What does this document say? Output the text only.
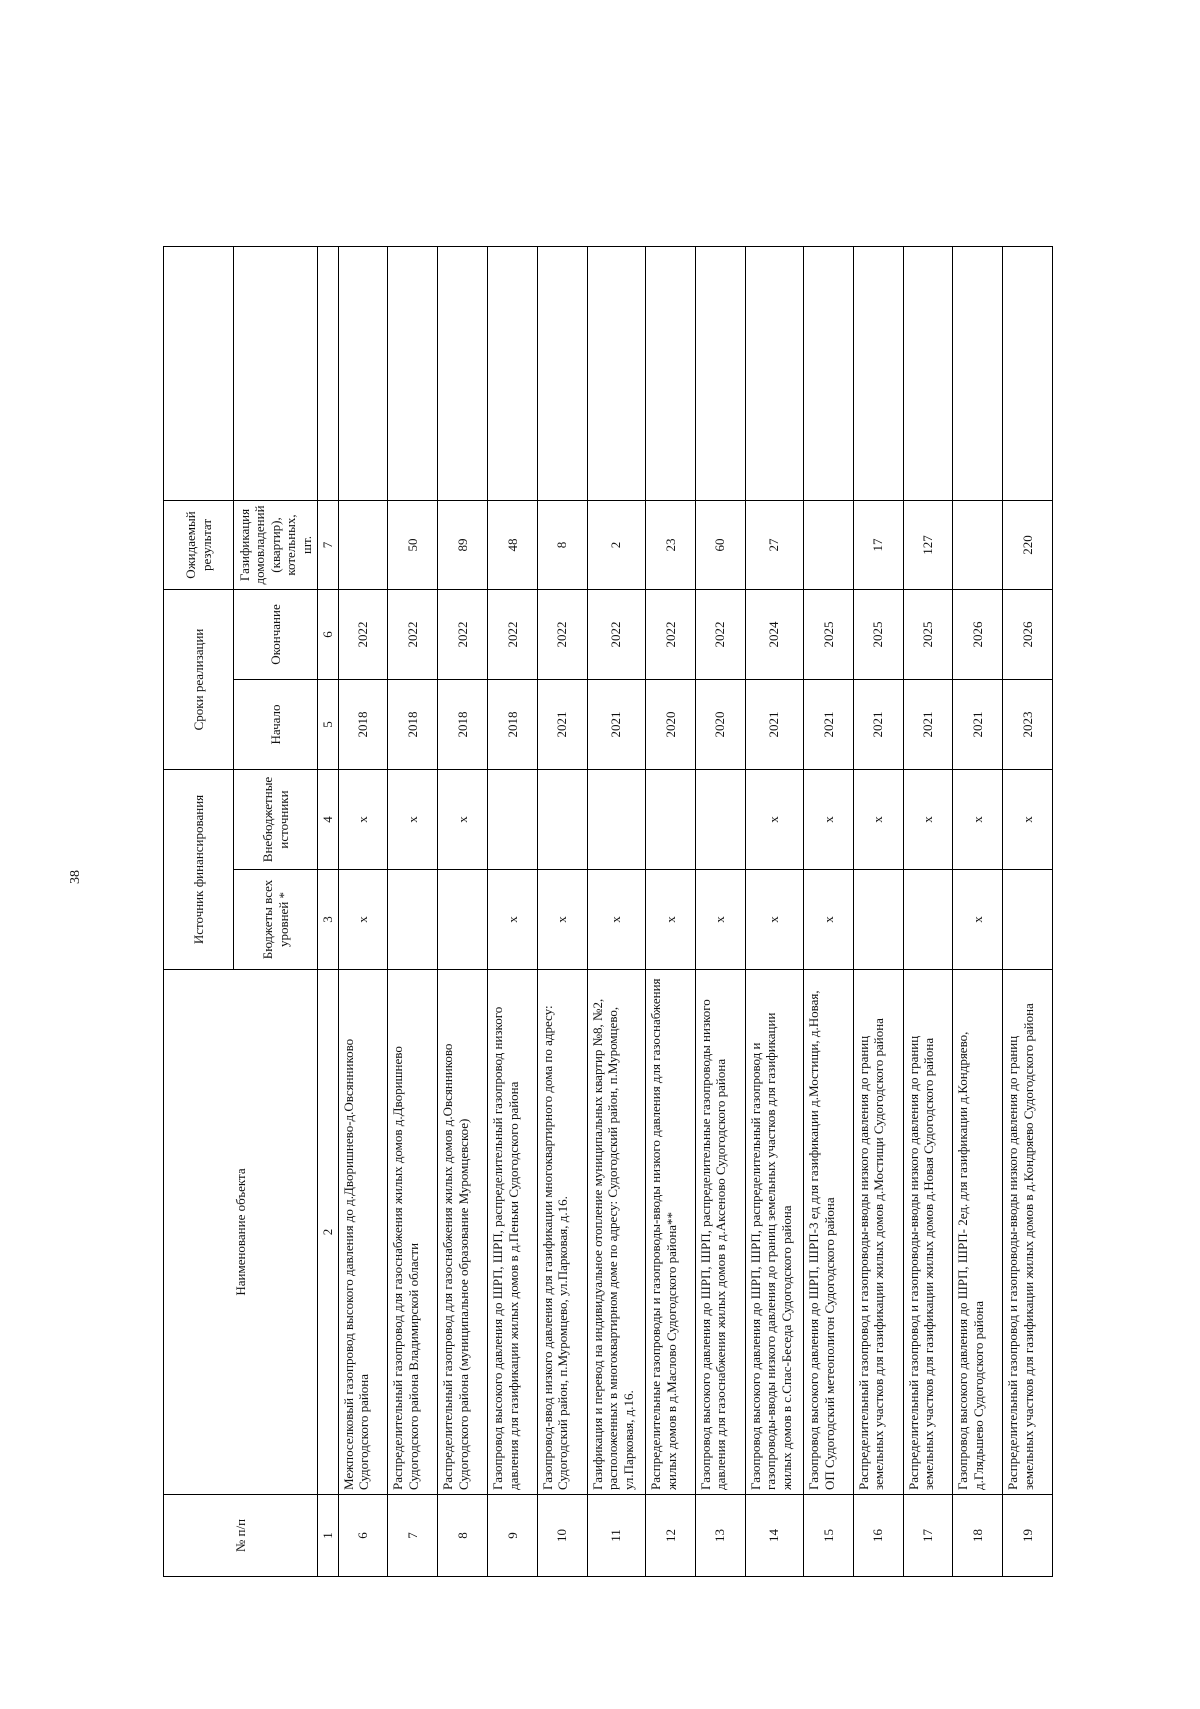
38
№ п/п	Наименование объекта	Источник финансирования		Сроки реализации		Ожидаемый результат	
		Бюджеты всех уровней *	Внебюджетные источники	Начало	Окончание	Газификация домовладений (квартир), котельных, шт.	
1	2	3	4	5	6	7	
6	Межпоселковый газопровод высокого давления до д.Дворишнево-д.Овсянниково Судогодского района	x	x	2018	2022		
7	Распределительный газопровод для газоснабжения жилых домов д.Дворишнево Судогодского района Владимирской области		x	2018	2022	50	
8	Распределительный газопровод для газоснабжения жилых домов д.Овсянниково Судогодского района (муниципальное образование Муромцевское)		x	2018	2022	89	
9	Газопровод высокого давления до ШРП, ШРП, распределительный газопровод низкого давления для газификации жилых домов в д.Пеньки Судогодского района	x		2018	2022	48	
10	Газопровод-ввод низкого давления для газификации многоквартирного дома по адресу: Судогодский район, п.Муромцево, ул.Парковая, д.16.	x		2021	2022	8	
11	Газификация и перевод на индивидуальное отопление муниципальных квартир №8, №2, расположенных в многоквартирном доме по адресу: Судогодский район, п.Муромцево, ул.Парковая, д.16.	x		2021	2022	2	
12	Распределительные газопроводы и газопроводы-вводы низкого давления для газоснабжения жилых домов в д.Маслово Судогодского района**	x		2020	2022	23	
13	Газопровод высокого давления до ШРП, ШРП, распределительные газопроводы низкого давления для газоснабжения жилых домов в д.Аксеново Судогодского района	x		2020	2022	60	
14	Газопровод высокого давления до ШРП, ШРП, распределительный газопровод и газопроводы-вводы низкого давления до границ земельных участков для газификации жилых домов в с.Спас-Беседа Судогодского района	x	x	2021	2024	27	
15	Газопровод высокого давления до ШРП, ШРП-3 ед для газификации д.Мостищи, д.Новая, ОП Судогодский метеополигон Судогодского района	x	x	2021	2025		
16	Распределительный газопровод и газопроводы-вводы низкого давления до границ земельных участков для газификации жилых домов д.Мостищи Судогодского района		x	2021	2025	17	
17	Распределительный газопровод и газопроводы-вводы низкого давления до границ земельных участков для газификации жилых домов д.Новая Судогодского района		x	2021	2025	127	
18	Газопровод высокого давления до ШРП, ШРП- 2ед. для газификации д.Кондряево, д.Глядьшево Судогодского района	x	x	2021	2026		
19	Распределительный газопровод и газопроводы-вводы низкого давления до границ земельных участков для газификации жилых домов в д.Кондряево Судогодского района		x	2023	2026	220	
